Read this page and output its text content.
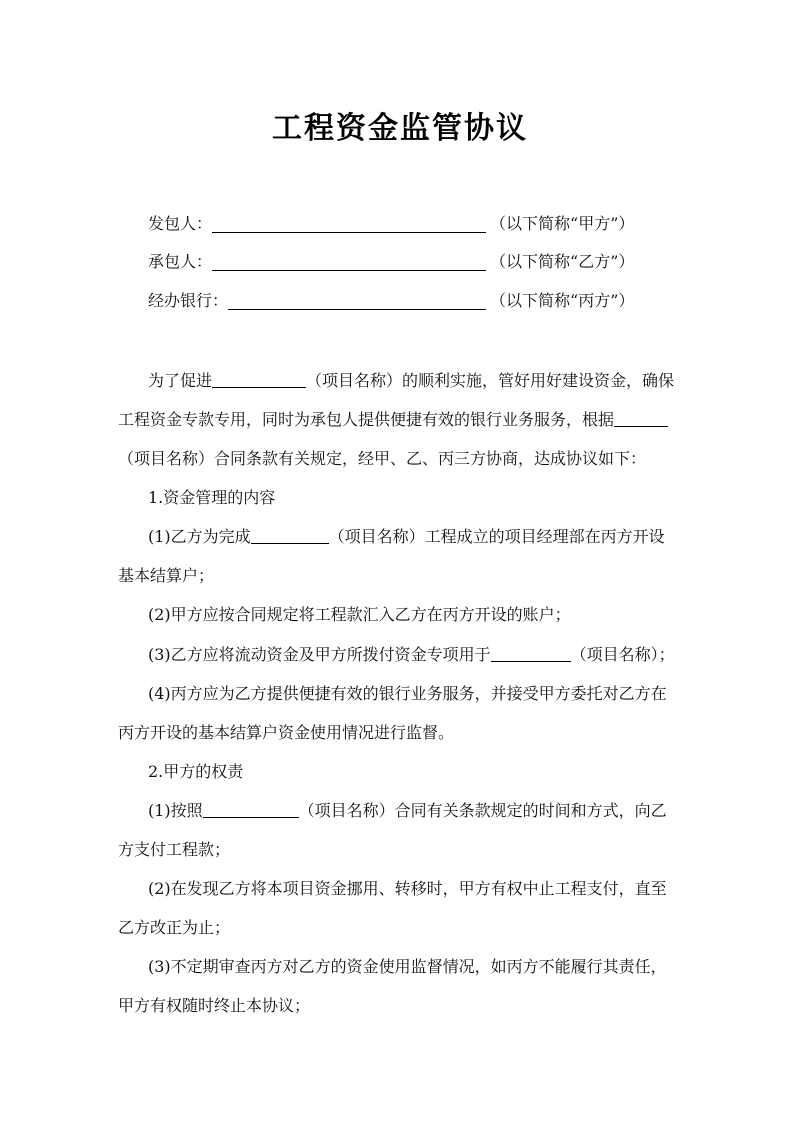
工程资金监管协议
发包人：	（以下简称“甲方”）
承包人：	（以下简称“乙方”）
经办银行：	（以下简称“丙方”）
为了促进	（项目名称）的顺利实施，管好用好建设资金，确保
工程资金专款专用，同时为承包人提供便捷有效的银行业务服务，根据
（项目名称）合同条款有关规定，经甲、乙、丙三方协商，达成协议如下：
1.资金管理的内容
(1)乙方为完成	（项目名称）工程成立的项目经理部在丙方开设
基本结算户；
(2)甲方应按合同规定将工程款汇入乙方在丙方开设的账户；
(3)乙方应将流动资金及甲方所拨付资金专项用于	（项目名称）；
(4)丙方应为乙方提供便捷有效的银行业务服务，并接受甲方委托对乙方在
丙方开设的基本结算户资金使用情况进行监督。
2.甲方的权责
(1)按照	（项目名称）合同有关条款规定的时间和方式，向乙
方支付工程款；
(2)在发现乙方将本项目资金挪用、转移时，甲方有权中止工程支付，直至
乙方改正为止；
(3)不定期审查丙方对乙方的资金使用监督情况，如丙方不能履行其责任，
甲方有权随时终止本协议；
